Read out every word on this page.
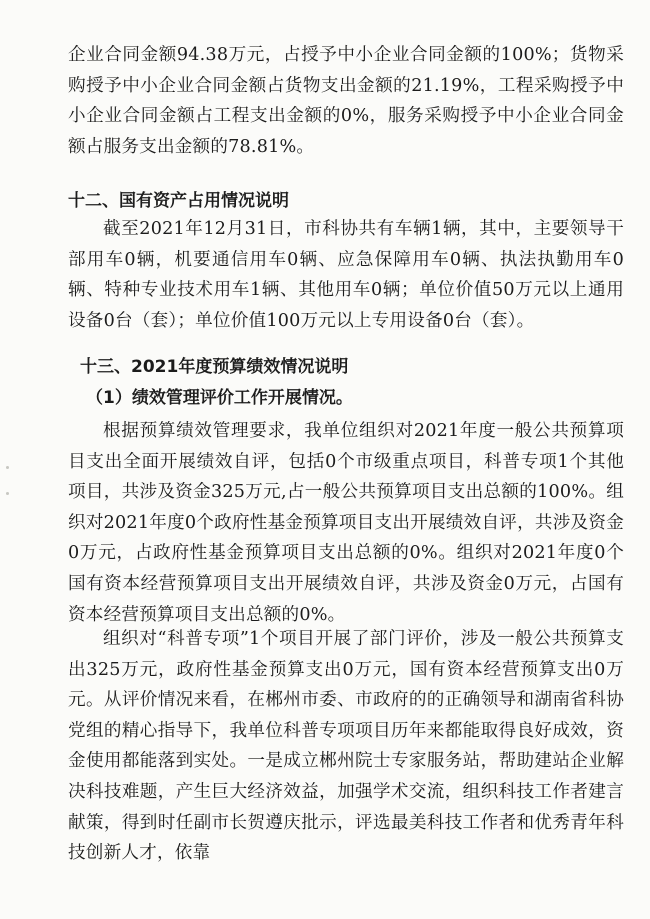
企业合同金额94.38万元，占授予中小企业合同金额的100%；货物采购授予中小企业合同金额占货物支出金额的21.19%，工程采购授予中小企业合同金额占工程支出金额的0%，服务采购授予中小企业合同金额占服务支出金额的78.81%。

十二、国有资产占用情况说明

截至2021年12月31日，市科协共有车辆1辆，其中，主要领导干部用车0辆，机要通信用车0辆、应急保障用车0辆、执法执勤用车0辆、特种专业技术用车1辆、其他用车0辆；单位价值50万元以上通用设备0台（套）；单位价值100万元以上专用设备0台（套）。

十三、2021年度预算绩效情况说明
（1）绩效管理评价工作开展情况。

根据预算绩效管理要求，我单位组织对2021年度一般公共预算项目支出全面开展绩效自评，包括0个市级重点项目，科普专项1个其他项目，共涉及资金325万元,占一般公共预算项目支出总额的100%。组织对2021年度0个政府性基金预算项目支出开展绩效自评，共涉及资金0万元，占政府性基金预算项目支出总额的0%。组织对2021年度0个国有资本经营预算项目支出开展绩效自评，共涉及资金0万元，占国有资本经营预算项目支出总额的0%。

组织对“科普专项”1个项目开展了部门评价，涉及一般公共预算支出325万元，政府性基金预算支出0万元，国有资本经营预算支出0万元。从评价情况来看，在郴州市委、市政府的的正确领导和湖南省科协党组的精心指导下，我单位科普专项项目历年来都能取得良好成效，资金使用都能落到实处。一是成立郴州院士专家服务站，帮助建站企业解决科技难题，产生巨大经济效益，加强学术交流，组织科技工作者建言献策，得到时任副市长贺遵庆批示，评选最美科技工作者和优秀青年科技创新人才，依靠
